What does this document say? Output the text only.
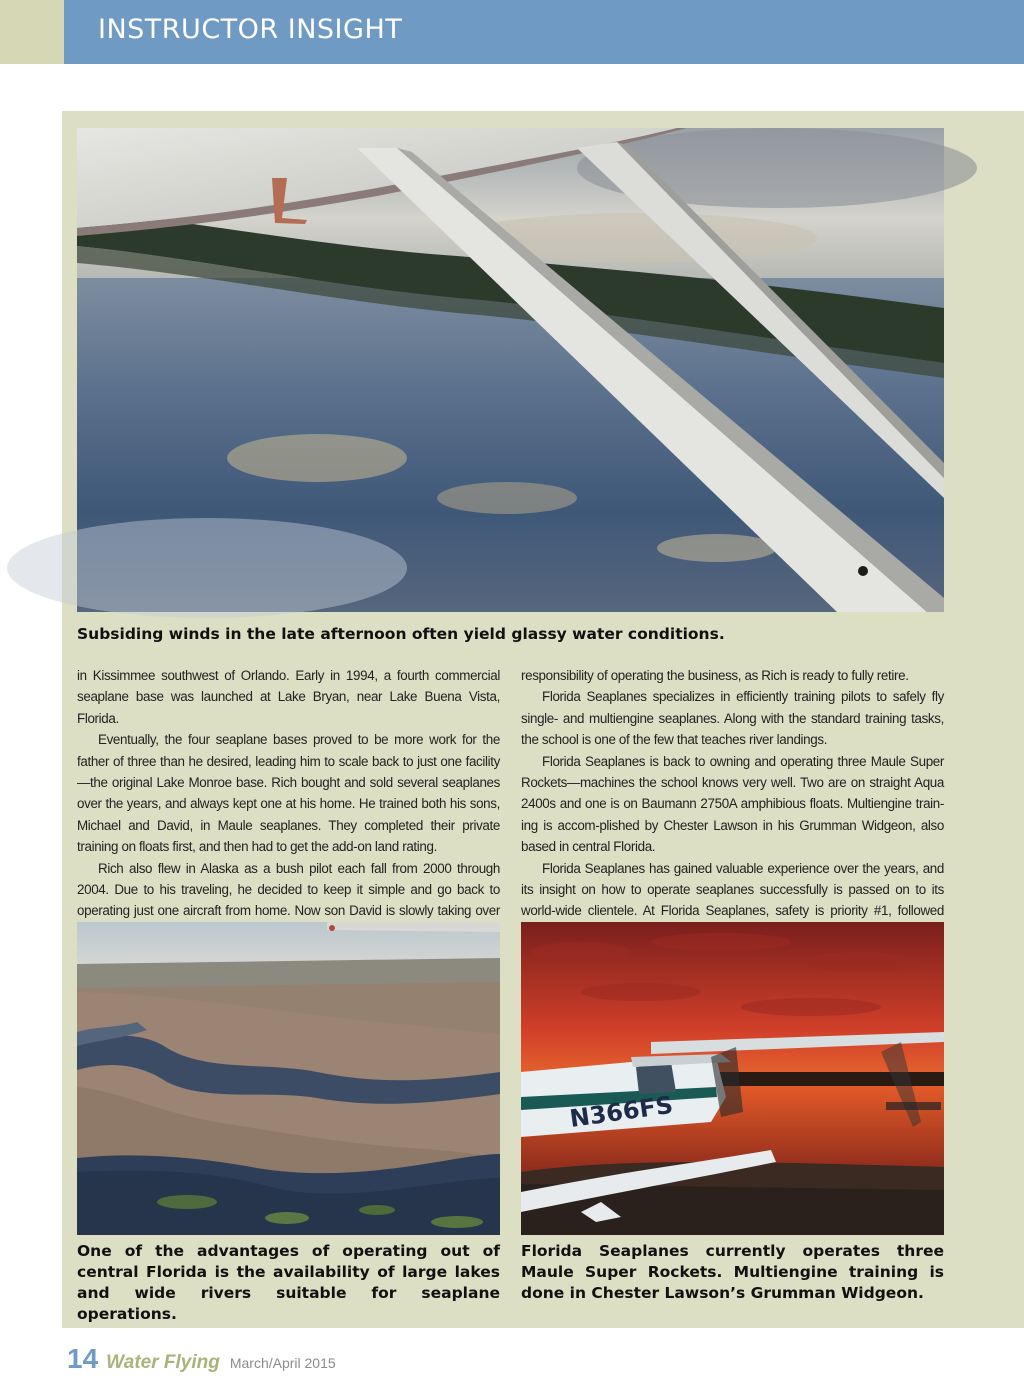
INSTRUCTOR INSIGHT
Subsiding winds in the late afternoon often yield glassy water conditions.

in Kissimmee southwest of Orlando. Early in 1994, a fourth commercial seaplane base was launched at Lake Bryan, near Lake Buena Vista, Florida.

Eventually, the four seaplane bases proved to be more work for the father of three than he desired, leading him to scale back to just one facility—the original Lake Monroe base. Rich bought and sold several seaplanes over the years, and always kept one at his home. He trained both his sons, Michael and David, in Maule seaplanes. They completed their private training on floats first, and then had to get the add-on land rating.

Rich also flew in Alaska as a bush pilot each fall from 2000 through 2004. Due to his traveling, he decided to keep it simple and go back to operating just one aircraft from home. Now son David is slowly taking over

responsibility of operating the business, as Rich is ready to fully retire.

Florida Seaplanes specializes in efficiently training pilots to safely fly single- and multiengine seaplanes. Along with the standard training tasks, the school is one of the few that teaches river landings.

Florida Seaplanes is back to owning and operating three Maule Super Rockets—machines the school knows very well. Two are on straight Aqua 2400s and one is on Baumann 2750A amphibious floats. Multiengine train-ing is accom-plished by Chester Lawson in his Grumman Widgeon, also based in central Florida.

Florida Seaplanes has gained valuable experience over the years, and its insight on how to operate seaplanes successfully is passed on to its world-wide clientele. At Florida Seaplanes, safety is priority #1, followed

N366FS
One of the advantages of operating out of central Florida is the availability of large lakes and wide rivers suitable for seaplane operations.
Florida Seaplanes currently operates three Maule Super Rockets. Multiengine training is done in Chester Lawson’s Grumman Widgeon.
14 Water Flying March/April 2015
